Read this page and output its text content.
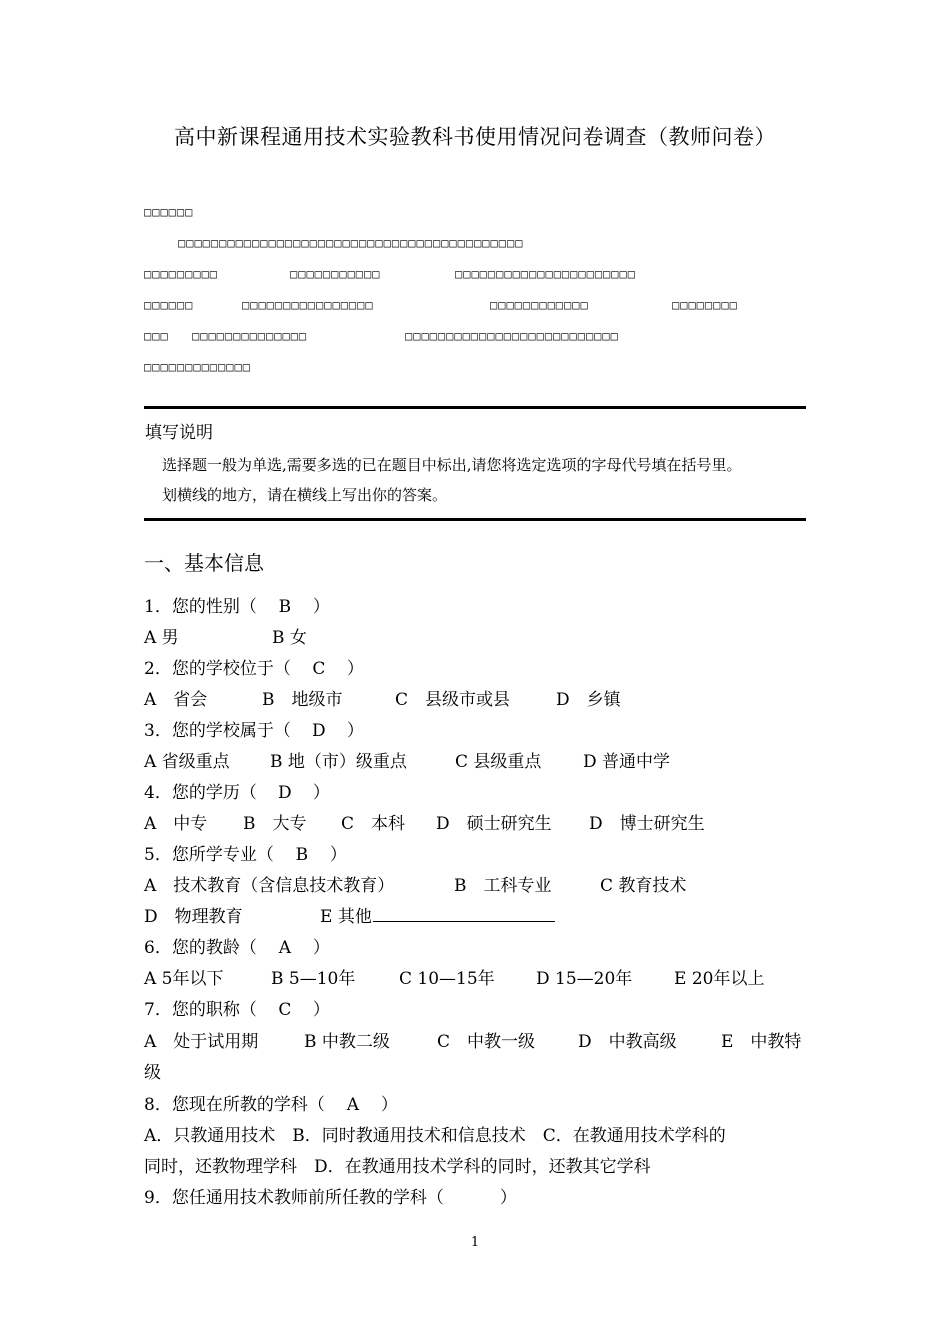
高中新课程通用技术实验教科书使用情况问卷调查（教师问卷）
□□□□□□
□□□□□□□□□□□□□□□□□□□□□□□□□□□□□□□□□□□□□□□□□□
□□□□□□□□□	□□□□□□□□□□□	□□□□□□□□□□□□□□□□□□□□□□
□□□□□□	□□□□□□□□□□□□□□□□	□□□□□□□□□□□□	□□□□□□□□
□□□ □□□□□□□□□□□□□□	□□□□□□□□□□□□□□□□□□□□□□□□□□
□□□□□□□□□□□□□
填写说明
选择题一般为单选,需要多选的已在题目中标出,请您将选定选项的字母代号填在括号里。
划横线的地方，请在横线上写出你的答案。
一、基本信息
1．您的性别（ B ）
A 男	B 女
2．您的学校位于（ C ）
A　省会	B　地级市	C　县级市或县	D　乡镇
3．您的学校属于（ D ）
A 省级重点 B 地（市）级重点	C 县级重点 D 普通中学
4．您的学历（ D ）
A　中专 B　大专 C　本科 D　硕士研究生 D　博士研究生
5．您所学专业（ B ）
A　技术教育（含信息技术教育）	B　工科专业	C 教育技术
D　物理教育	E 其他
6．您的教龄（ A ）
A 5年以下	B 5—10年	C 10—15年 D 15—20年 E 20年以上
7．您的职称（ C ）
A　处于试用期	B 中教二级	C　中教一级	D　中教高级	E　中教特
级
8．您现在所教的学科（ A ）
A．只教通用技术　B．同时教通用技术和信息技术　C．在教通用技术学科的
同时，还教物理学科　D．在教通用技术学科的同时，还教其它学科
9．您任通用技术教师前所任教的学科（	）
1
